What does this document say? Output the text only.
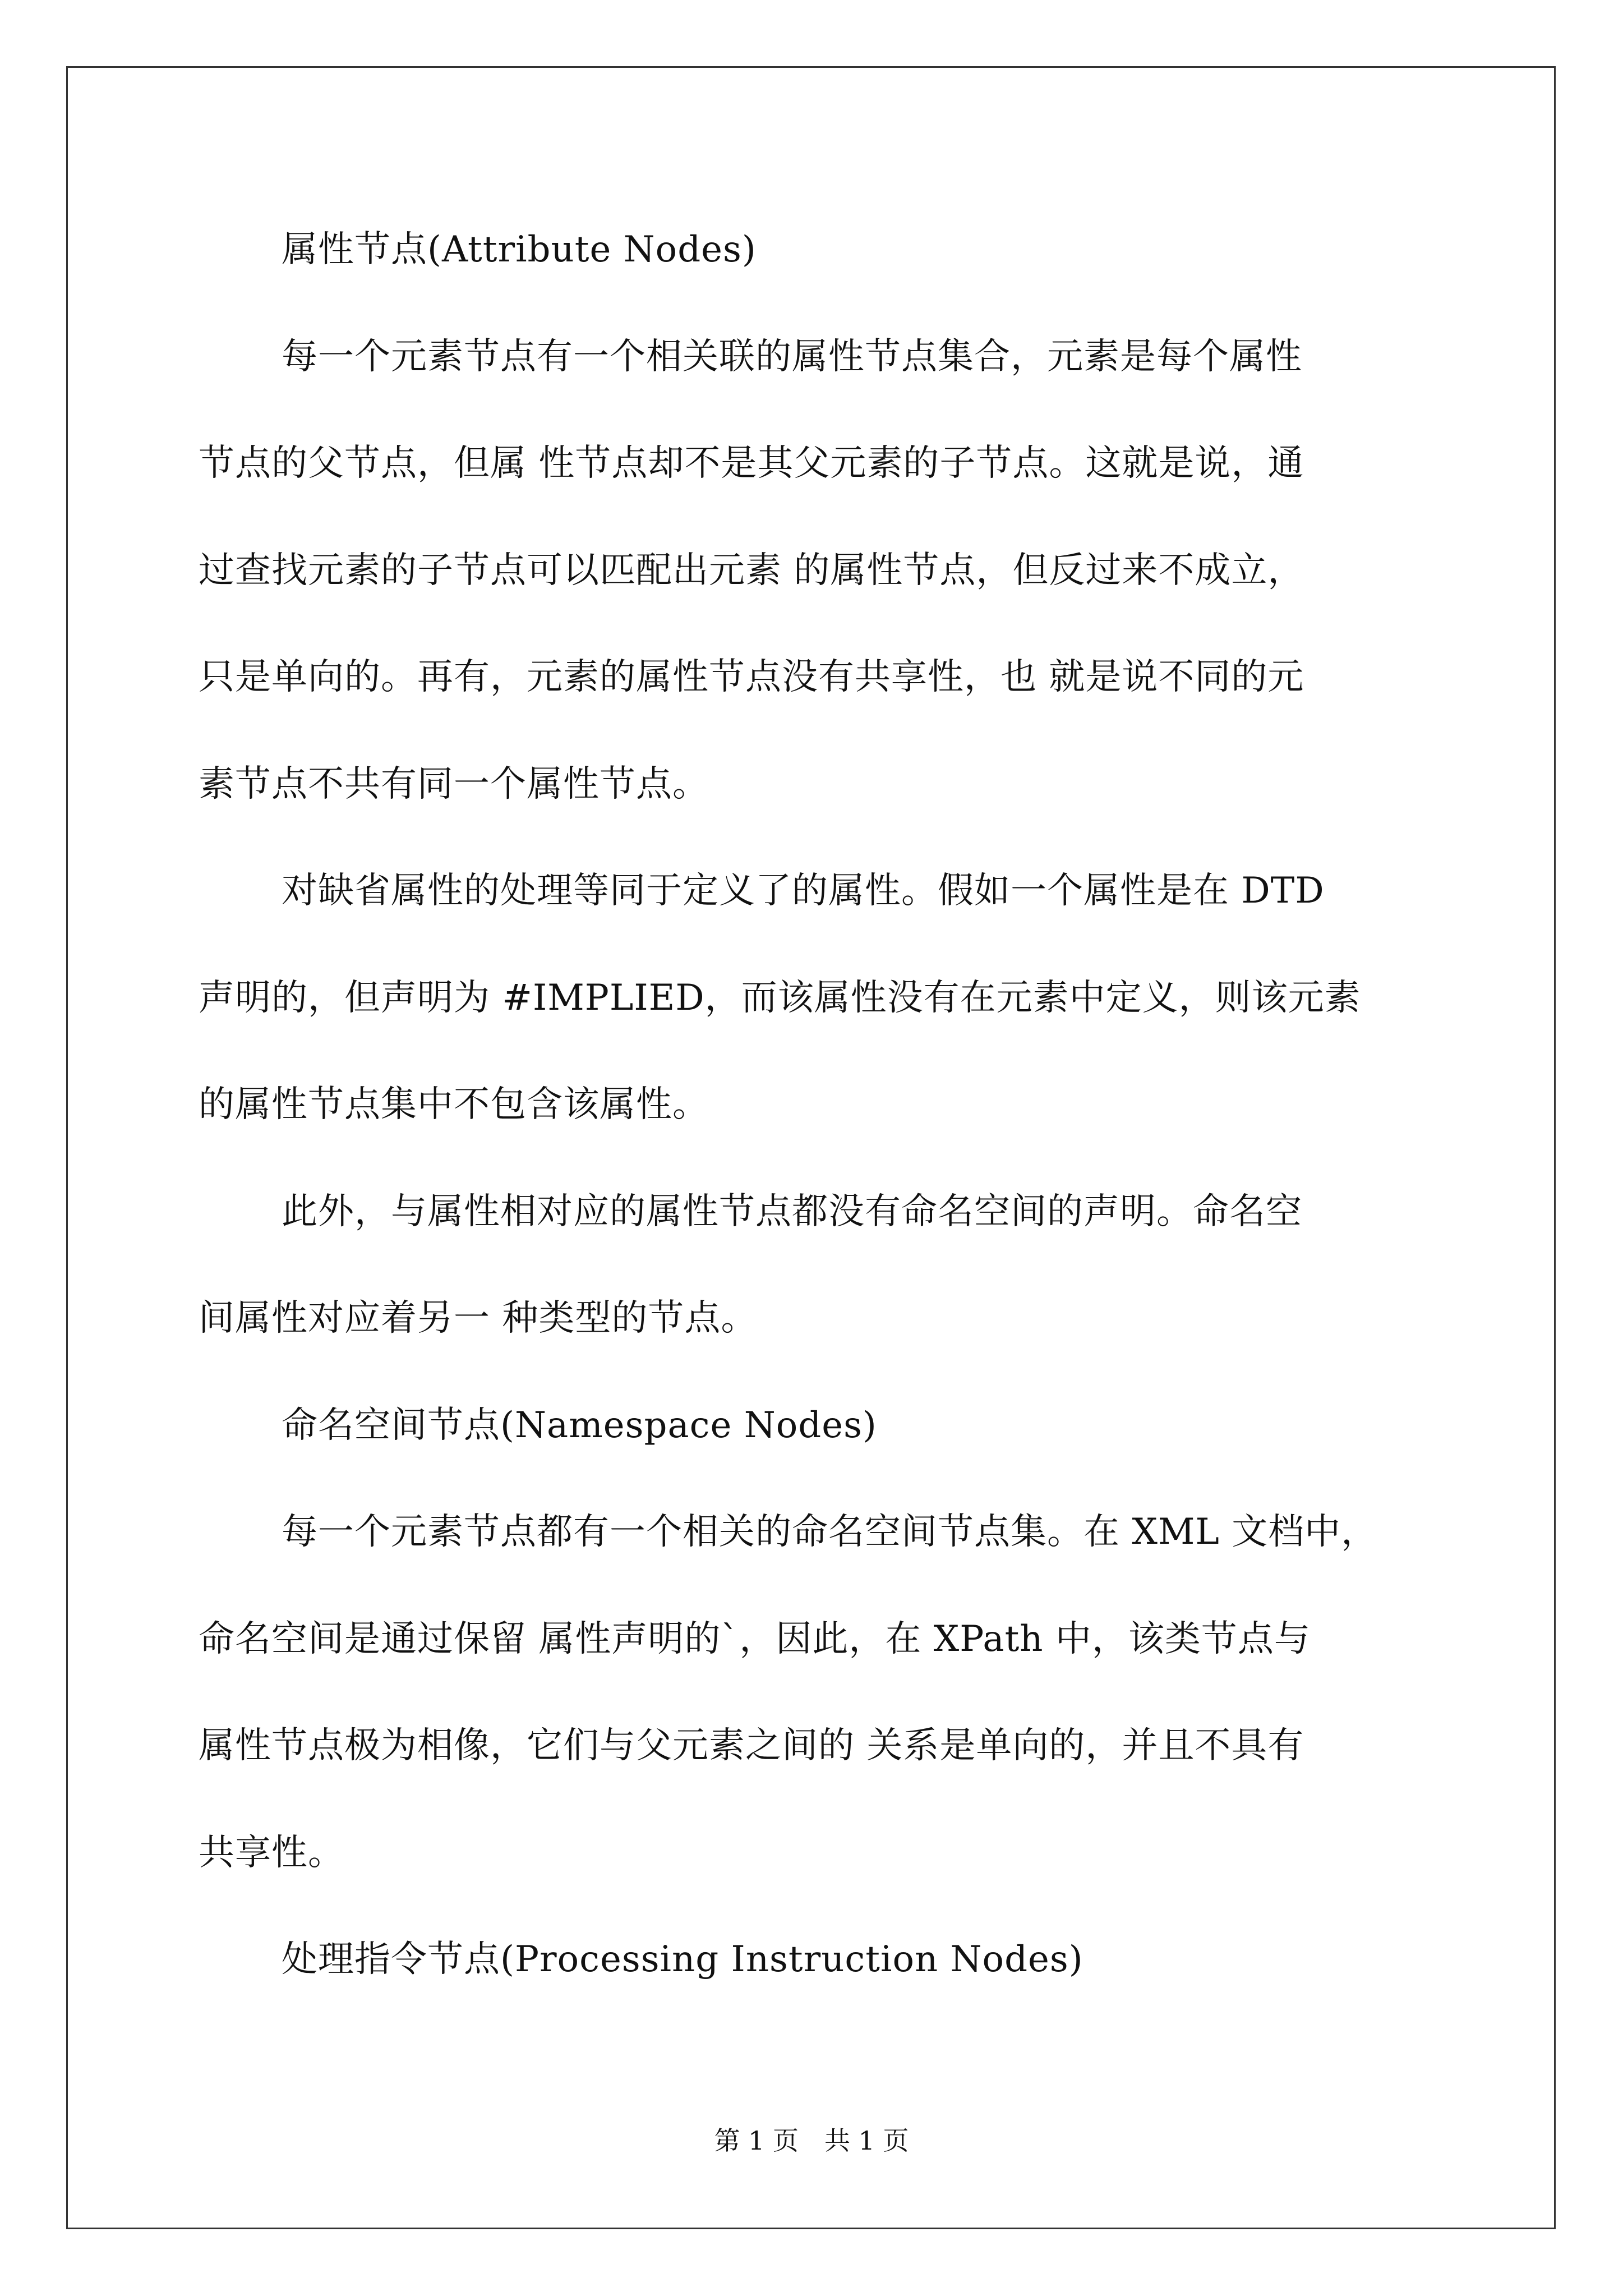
属性节点(Attribute Nodes)
每一个元素节点有一个相关联的属性节点集合，元素是每个属性
节点的父节点，但属 性节点却不是其父元素的子节点。这就是说，通
过查找元素的子节点可以匹配出元素 的属性节点，但反过来不成立，
只是单向的。再有，元素的属性节点没有共享性，也 就是说不同的元
素节点不共有同一个属性节点。
对缺省属性的处理等同于定义了的属性。假如一个属性是在 DTD
声明的，但声明为 #IMPLIED，而该属性没有在元素中定义，则该元素
的属性节点集中不包含该属性。
此外，与属性相对应的属性节点都没有命名空间的声明。命名空
间属性对应着另一 种类型的节点。
命名空间节点(Namespace Nodes)
每一个元素节点都有一个相关的命名空间节点集。在 XML 文档中，
命名空间是通过保留 属性声明的`，因此，在 XPath 中，该类节点与
属性节点极为相像，它们与父元素之间的 关系是单向的，并且不具有
共享性。
处理指令节点(Processing Instruction Nodes)
第 1 页　共 1 页
